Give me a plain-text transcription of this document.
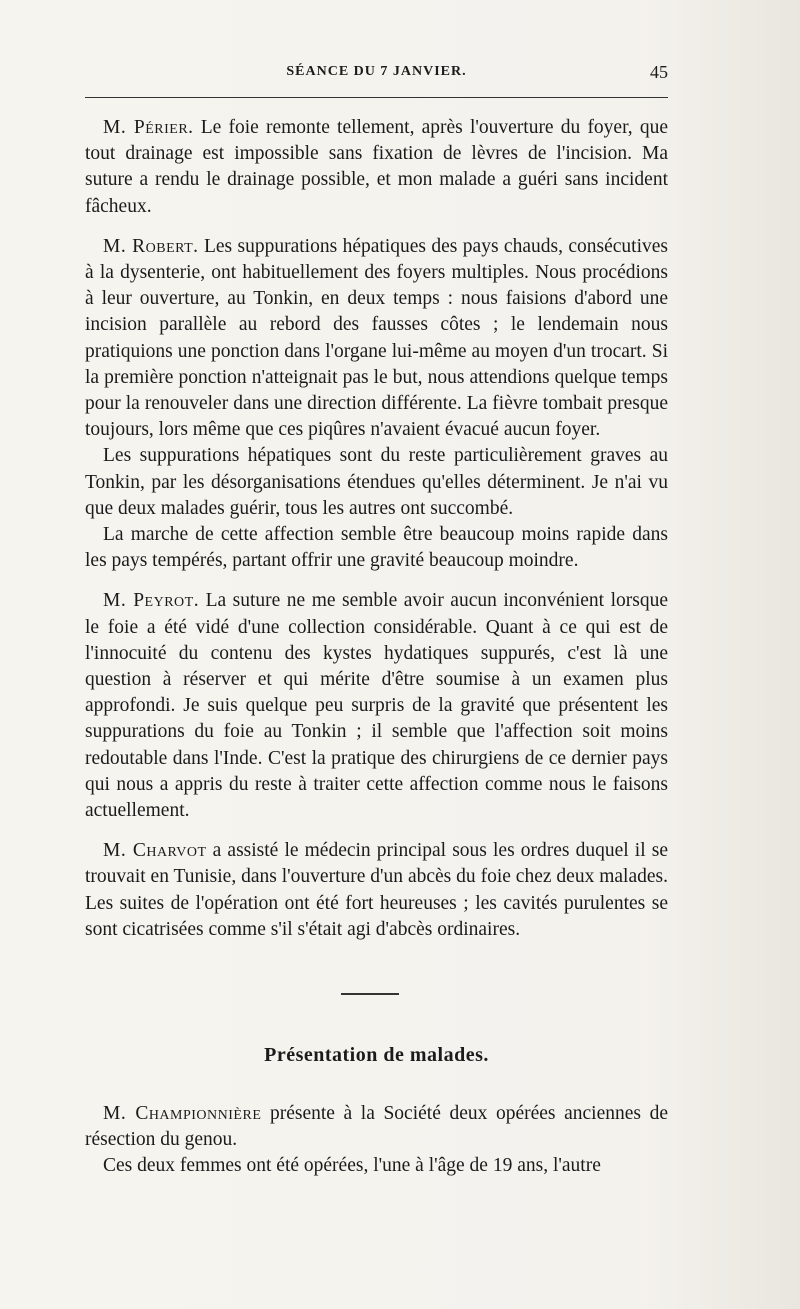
SÉANCE DU 7 JANVIER.	45

M. Périer. Le foie remonte tellement, après l'ouverture du foyer, que tout drainage est impossible sans fixation de lèvres de l'incision. Ma suture a rendu le drainage possible, et mon malade a guéri sans incident fâcheux.

M. Robert. Les suppurations hépatiques des pays chauds, consécutives à la dysenterie, ont habituellement des foyers multiples. Nous procédions à leur ouverture, au Tonkin, en deux temps : nous faisions d'abord une incision parallèle au rebord des fausses côtes ; le lendemain nous pratiquions une ponction dans l'organe lui-même au moyen d'un trocart. Si la première ponction n'atteignait pas le but, nous attendions quelque temps pour la renouveler dans une direction différente. La fièvre tombait presque toujours, lors même que ces piqûres n'avaient évacué aucun foyer.

Les suppurations hépatiques sont du reste particulièrement graves au Tonkin, par les désorganisations étendues qu'elles déterminent. Je n'ai vu que deux malades guérir, tous les autres ont succombé.

La marche de cette affection semble être beaucoup moins rapide dans les pays tempérés, partant offrir une gravité beaucoup moindre.

M. Peyrot. La suture ne me semble avoir aucun inconvénient lorsque le foie a été vidé d'une collection considérable. Quant à ce qui est de l'innocuité du contenu des kystes hydatiques suppurés, c'est là une question à réserver et qui mérite d'être soumise à un examen plus approfondi. Je suis quelque peu surpris de la gravité que présentent les suppurations du foie au Tonkin ; il semble que l'affection soit moins redoutable dans l'Inde. C'est la pratique des chirurgiens de ce dernier pays qui nous a appris du reste à traiter cette affection comme nous le faisons actuellement.

M. Charvot a assisté le médecin principal sous les ordres duquel il se trouvait en Tunisie, dans l'ouverture d'un abcès du foie chez deux malades. Les suites de l'opération ont été fort heureuses ; les cavités purulentes se sont cicatrisées comme s'il s'était agi d'abcès ordinaires.

Présentation de malades.

M. Championnière présente à la Société deux opérées anciennes de résection du genou.

Ces deux femmes ont été opérées, l'une à l'âge de 19 ans, l'autre
